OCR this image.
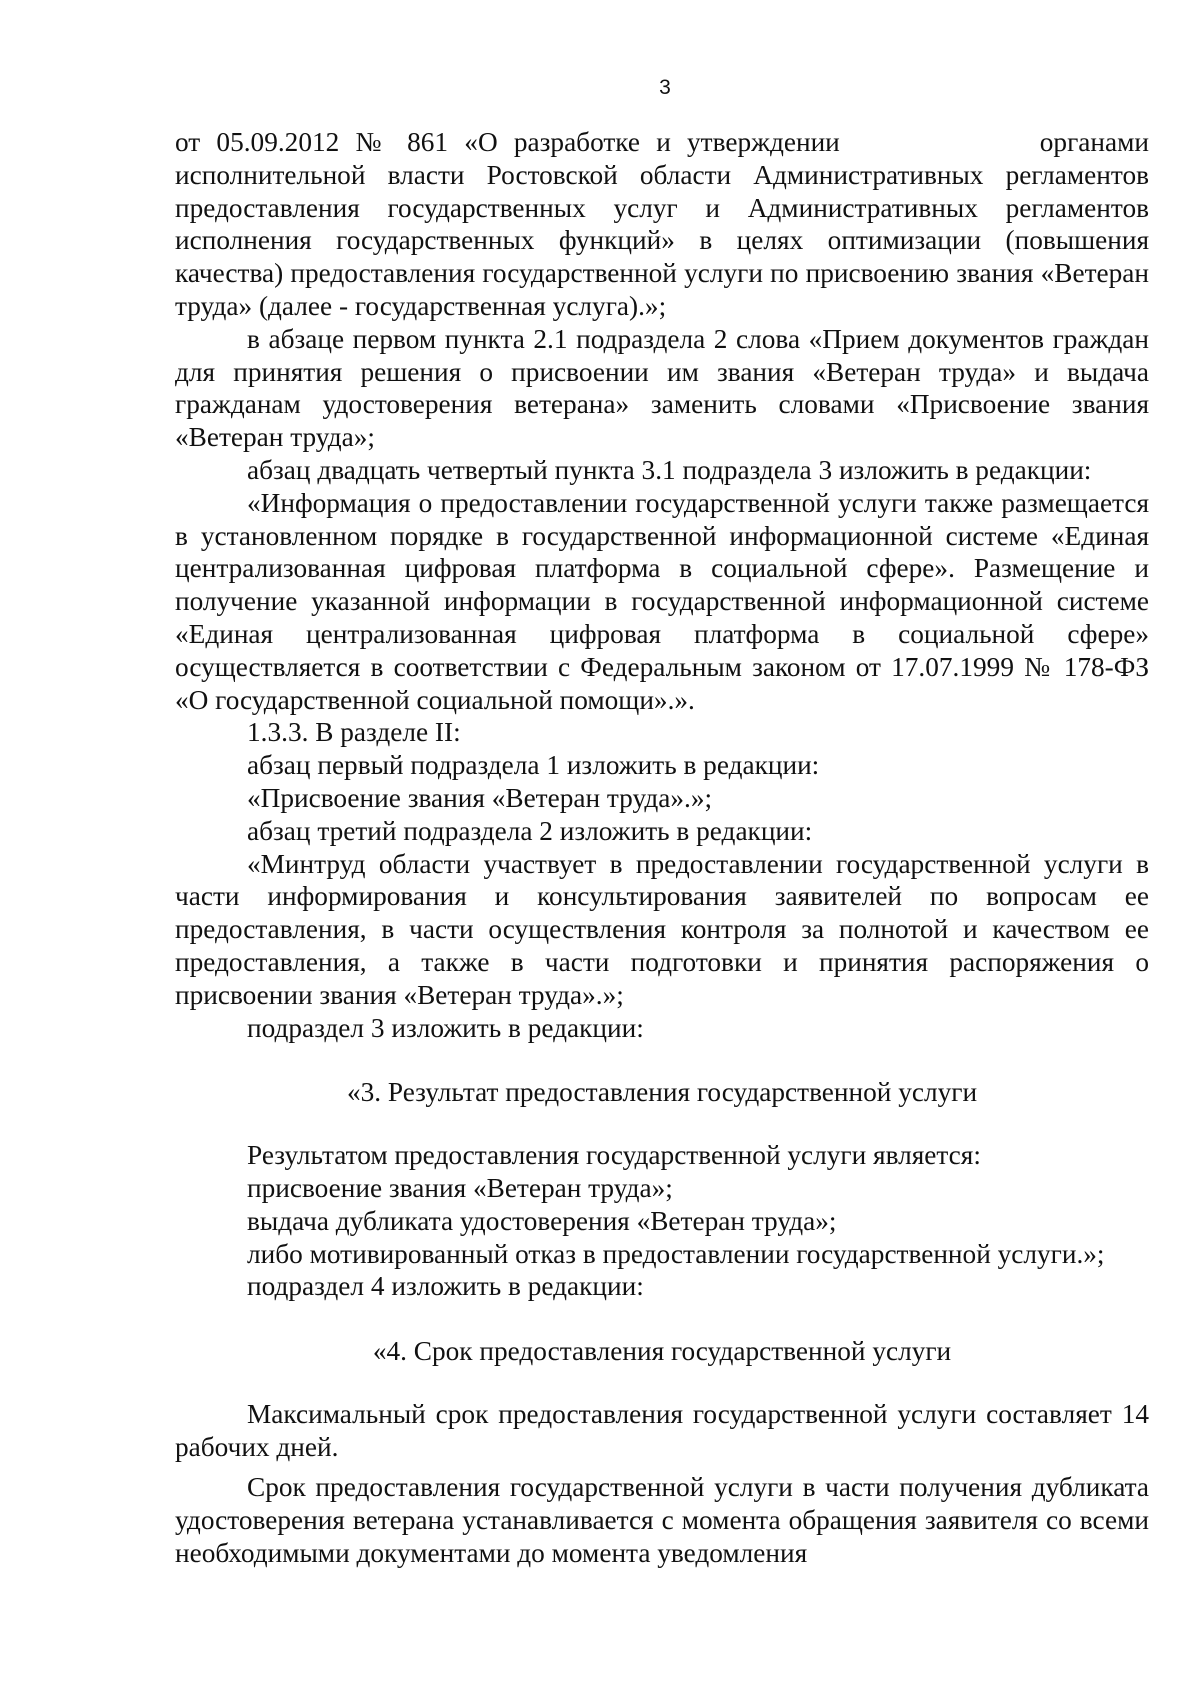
3

от 05.09.2012 № 861 «О разработке и утверждении	органами исполнительной власти Ростовской области Административных регламентов предоставления государственных услуг и Административных регламентов исполнения государственных функций» в целях оптимизации (повышения качества) предоставления государственной услуги по присвоению звания «Ветеран труда» (далее - государственная услуга).»;

в абзаце первом пункта 2.1 подраздела 2 слова «Прием документов граждан для принятия решения о присвоении им звания «Ветеран труда» и выдача гражданам удостоверения ветерана» заменить словами «Присвоение звания «Ветеран труда»;

абзац двадцать четвертый пункта 3.1 подраздела 3 изложить в редакции:

«Информация о предоставлении государственной услуги также размещается в установленном порядке в государственной информационной системе «Единая централизованная цифровая платформа в социальной сфере». Размещение и получение указанной информации в государственной информационной системе «Единая централизованная цифровая платформа в социальной сфере» осуществляется в соответствии с Федеральным законом от 17.07.1999 № 178-ФЗ «О государственной социальной помощи».».

1.3.3. В разделе II:

абзац первый подраздела 1 изложить в редакции:

«Присвоение звания «Ветеран труда».»;

абзац третий подраздела 2 изложить в редакции:

«Минтруд области участвует в предоставлении государственной услуги в части информирования и консультирования заявителей по вопросам ее предоставления, в части осуществления контроля за полнотой и качеством ее предоставления, а также в части подготовки и принятия распоряжения о присвоении звания «Ветеран труда».»;

подраздел 3 изложить в редакции:

«3. Результат предоставления государственной услуги

Результатом предоставления государственной услуги является:

присвоение звания «Ветеран труда»;

выдача дубликата удостоверения «Ветеран труда»;

либо мотивированный отказ в предоставлении государственной услуги.»;

подраздел 4 изложить в редакции:

«4. Срок предоставления государственной услуги

Максимальный срок предоставления государственной услуги составляет 14 рабочих дней.

Срок предоставления государственной услуги в части получения дубликата удостоверения ветерана устанавливается с момента обращения заявителя со всеми необходимыми документами до момента уведомления
